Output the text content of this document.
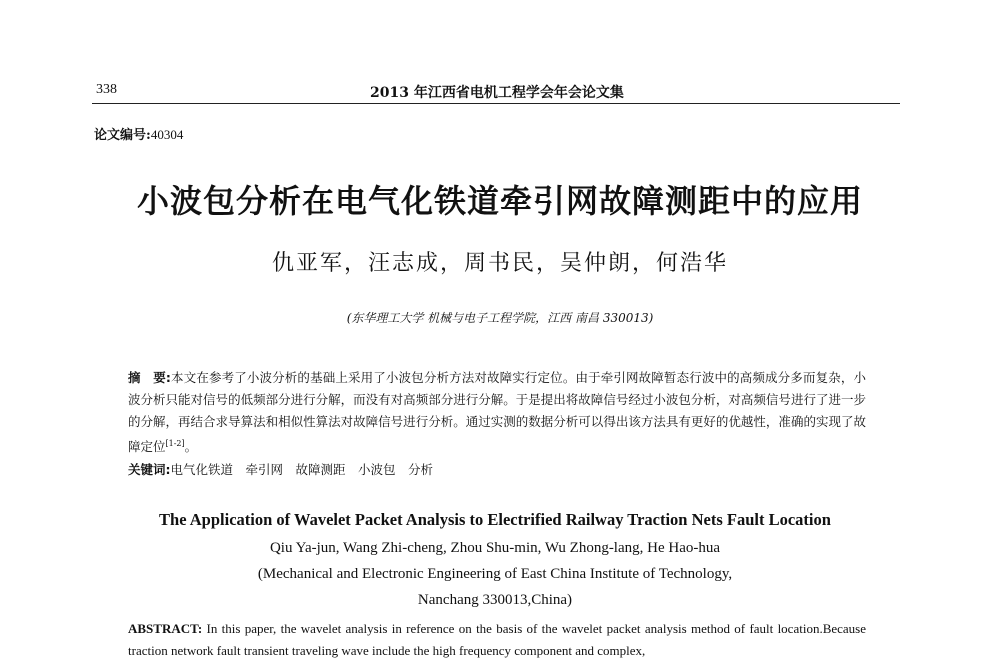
338	2013 年江西省电机工程学会年会论文集
论文编号:40304
小波包分析在电气化铁道牵引网故障测距中的应用
仇亚军，汪志成，周书民，吴仲朗，何浩华
(东华理工大学 机械与电子工程学院，江西 南昌 330013)
摘　要:本文在参考了小波分析的基础上采用了小波包分析方法对故障实行定位。由于牵引网故障暂态行波中的高频成分多而复杂，小波分析只能对信号的低频部分进行分解，而没有对高频部分进行分解。于是提出将故障信号经过小波包分析，对高频信号进行了进一步的分解，再结合求导算法和相似性算法对故障信号进行分析。通过实测的数据分析可以得出该方法具有更好的优越性，准确的实现了故障定位[1-2]。
关键词:电气化铁道　牵引网　故障测距　小波包　分析
The Application of Wavelet Packet Analysis to Electrified Railway Traction Nets Fault Location
Qiu Ya-jun, Wang Zhi-cheng, Zhou Shu-min, Wu Zhong-lang, He Hao-hua
(Mechanical and Electronic Engineering of East China Institute of Technology,
Nanchang 330013,China)
ABSTRACT: In this paper, the wavelet analysis in reference on the basis of the wavelet packet analysis method of fault location.Because traction network fault transient traveling wave include the high frequency component and complex,
